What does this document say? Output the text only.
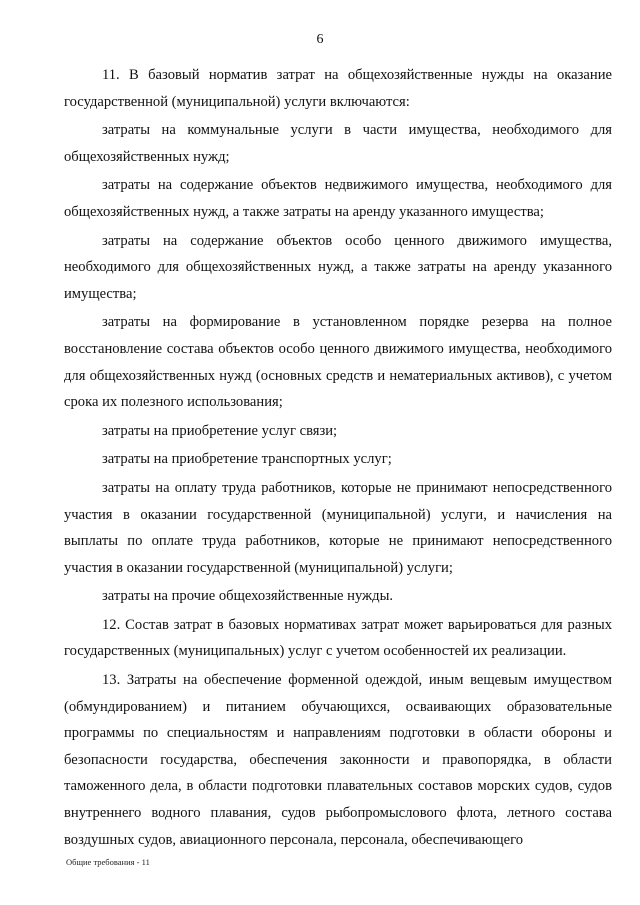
6

11. В базовый норматив затрат на общехозяйственные нужды на оказание государственной (муниципальной) услуги включаются:

затраты на коммунальные услуги в части имущества, необходимого для общехозяйственных нужд;

затраты на содержание объектов недвижимого имущества, необходимого для общехозяйственных нужд, а также затраты на аренду указанного имущества;

затраты на содержание объектов особо ценного движимого имущества, необходимого для общехозяйственных нужд, а также затраты на аренду указанного имущества;

затраты на формирование в установленном порядке резерва на полное восстановление состава объектов особо ценного движимого имущества, необходимого для общехозяйственных нужд (основных средств и нематериальных активов), с учетом срока их полезного использования;

затраты на приобретение услуг связи;

затраты на приобретение транспортных услуг;

затраты на оплату труда работников, которые не принимают непосредственного участия в оказании государственной (муниципальной) услуги, и начисления на выплаты по оплате труда работников, которые не принимают непосредственного участия в оказании государственной (муниципальной) услуги;

затраты на прочие общехозяйственные нужды.

12. Состав затрат в базовых нормативах затрат может варьироваться для разных государственных (муниципальных) услуг с учетом особенностей их реализации.

13. Затраты на обеспечение форменной одеждой, иным вещевым имуществом (обмундированием) и питанием обучающихся, осваивающих образовательные программы по специальностям и направлениям подготовки в области обороны и безопасности государства, обеспечения законности и правопорядка, в области таможенного дела, в области подготовки плавательных составов морских судов, судов внутреннего водного плавания, судов рыбопромыслового флота, летного состава воздушных судов, авиационного персонала, персонала, обеспечивающего

Общие требования - 11
